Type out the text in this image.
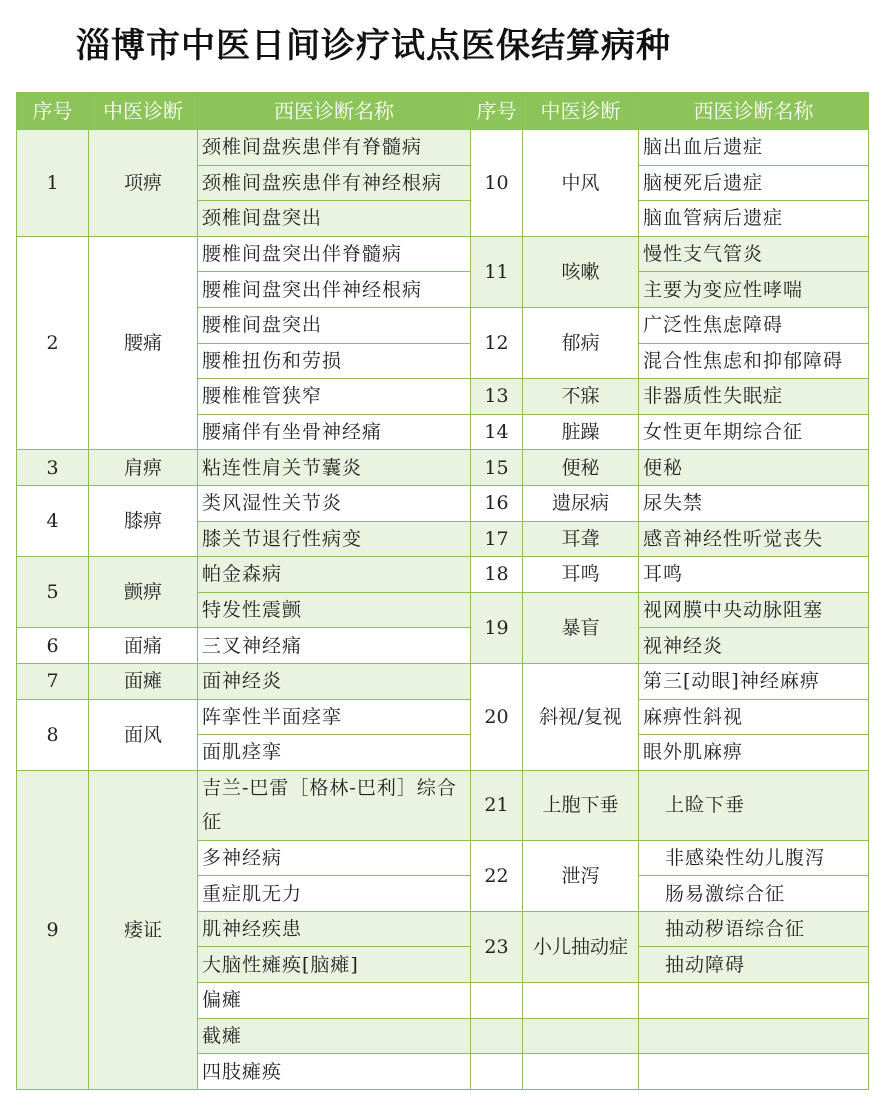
淄博市中医日间诊疗试点医保结算病种
序号	中医诊断	西医诊断名称	序号	中医诊断	西医诊断名称
1	项痹	颈椎间盘疾患伴有脊髓病	10	中风	脑出血后遗症
		颈椎间盘疾患伴有神经根病			脑梗死后遗症
		颈椎间盘突出			脑血管病后遗症
2	腰痛	腰椎间盘突出伴脊髓病	11	咳嗽	慢性支气管炎
		腰椎间盘突出伴神经根病			主要为变应性哮喘
		腰椎间盘突出	12	郁病	广泛性焦虑障碍
		腰椎扭伤和劳损			混合性焦虑和抑郁障碍
		腰椎椎管狭窄	13	不寐	非器质性失眠症
		腰痛伴有坐骨神经痛	14	脏躁	女性更年期综合征
3	肩痹	粘连性肩关节囊炎	15	便秘	便秘
4	膝痹	类风湿性关节炎	16	遗尿病	尿失禁
		膝关节退行性病变	17	耳聋	感音神经性听觉丧失
5	颤痹	帕金森病	18	耳鸣	耳鸣
		特发性震颤	19	暴盲	视网膜中央动脉阻塞
6	面痛	三叉神经痛			视神经炎
7	面瘫	面神经炎	20	斜视/复视	第三[动眼]神经麻痹
8	面风	阵挛性半面痉挛			麻痹性斜视
		面肌痉挛			眼外肌麻痹
9	痿证	吉兰-巴雷［格林-巴利］综合征	21	上胞下垂	上睑下垂
		多神经病	22	泄泻	非感染性幼儿腹泻
		重症肌无力			肠易激综合征
		肌神经疾患	23	小儿抽动症	抽动秽语综合征
		大脑性瘫痪[脑瘫]			抽动障碍
		偏瘫			
		截瘫			
		四肢瘫痪			
